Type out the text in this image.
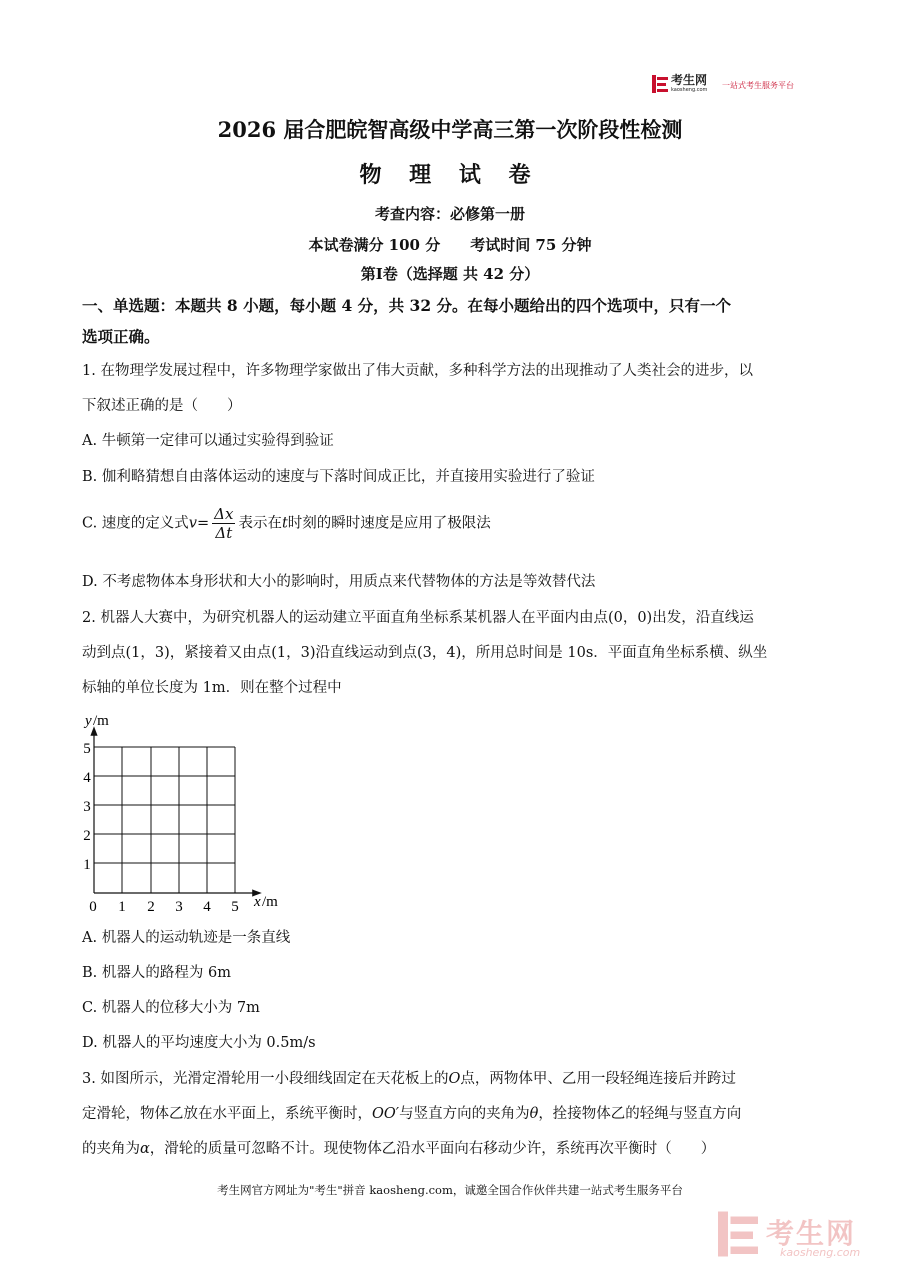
考生网
kaosheng.com 一站式考生服务平台
2026 届合肥皖智高级中学高三第一次阶段性检测
物 理 试 卷
考查内容：必修第一册
本试卷满分 100 分　　考试时间 75 分钟
第Ⅰ卷（选择题 共 42 分）
一、单选题：本题共 8 小题，每小题 4 分，共 32 分。在每小题给出的四个选项中，只有一个
选项正确。
1. 在物理学发展过程中，许多物理学家做出了伟大贡献，多种科学方法的出现推动了人类社会的进步，以
下叙述正确的是（　　）
A. 牛顿第一定律可以通过实验得到验证
B. 伽利略猜想自由落体运动的速度与下落时间成正比，并直接用实验进行了验证
C. 速度的定义式$v= \frac{\Delta x}{\Delta t}$ 表示在t时刻的瞬时速度是应用了极限法
D. 不考虑物体本身形状和大小的影响时，用质点来代替物体的方法是等效替代法
2. 机器人大赛中，为研究机器人的运动建立平面直角坐标系某机器人在平面内由点(0，0)出发，沿直线运
动到点(1，3)，紧接着又由点(1，3)沿直线运动到点(3，4)，所用总时间是 10s．平面直角坐标系横、纵坐
标轴的单位长度为 1m．则在整个过程中
y /m
x /m
0 1 2 3 4 5
1
2
3
4
5
A. 机器人的运动轨迹是一条直线
B. 机器人的路程为 6m
C. 机器人的位移大小为 7m
D. 机器人的平均速度大小为 0.5m/s
3. 如图所示，光滑定滑轮用一小段细线固定在天花板上的O点，两物体甲、乙用一段轻绳连接后并跨过
定滑轮，物体乙放在水平面上，系统平衡时，OO′与竖直方向的夹角为θ，拴接物体乙的轻绳与竖直方向
的夹角为α，滑轮的质量可忽略不计。现使物体乙沿水平面向右移动少许，系统再次平衡时（　　）
考生网官方网址为"考生"拼音 kaosheng.com，诚邀全国合作伙伴共建一站式考生服务平台
考生网
kaosheng.com
